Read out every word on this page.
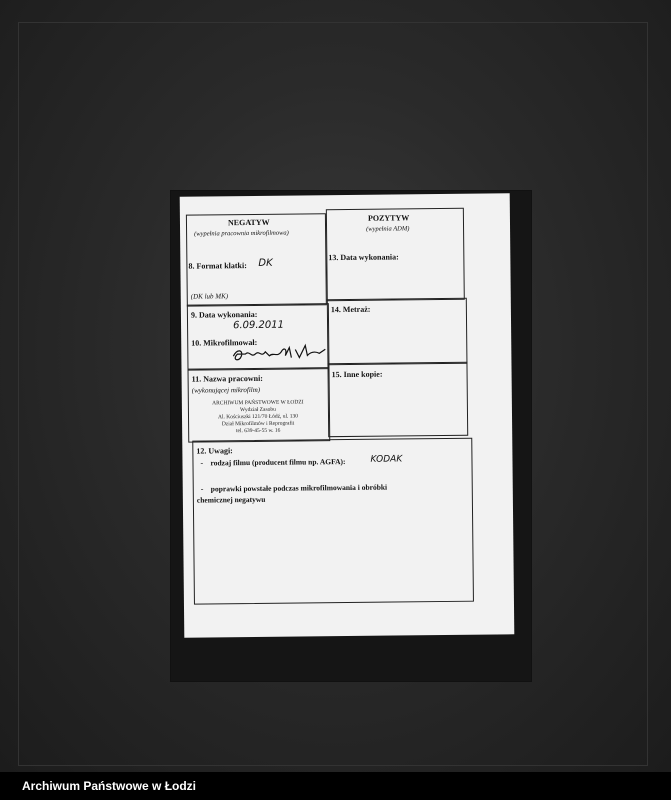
NEGATYW
(wypełnia pracownia mikrofilmowa)
8. Format klatki: DK
(DK lub MK)
POZYTYW
(wypełnia ADM)
13. Data wykonania:
9. Data wykonania:
6.09.2011
10. Mikrofilmował:
14. Metraż:
11. Nazwa pracowni:
(wykonującej mikrofilm)
ARCHIWUM PAŃSTWOWE W ŁODZI
Wydział Zasobu
Al. Kościuszki 121/70 Łódź, ul. 130
Dział Mikrofilmów i Reprografii
tel. 639-45-55 w. 16
15. Inne kopie:
12. Uwagi:
- rodzaj filmu (producent filmu np. AGFA):	KODAK
- poprawki powstałe podczas mikrofilmowania i obróbki
chemicznej negatywu
Archiwum Państwowe w Łodzi
